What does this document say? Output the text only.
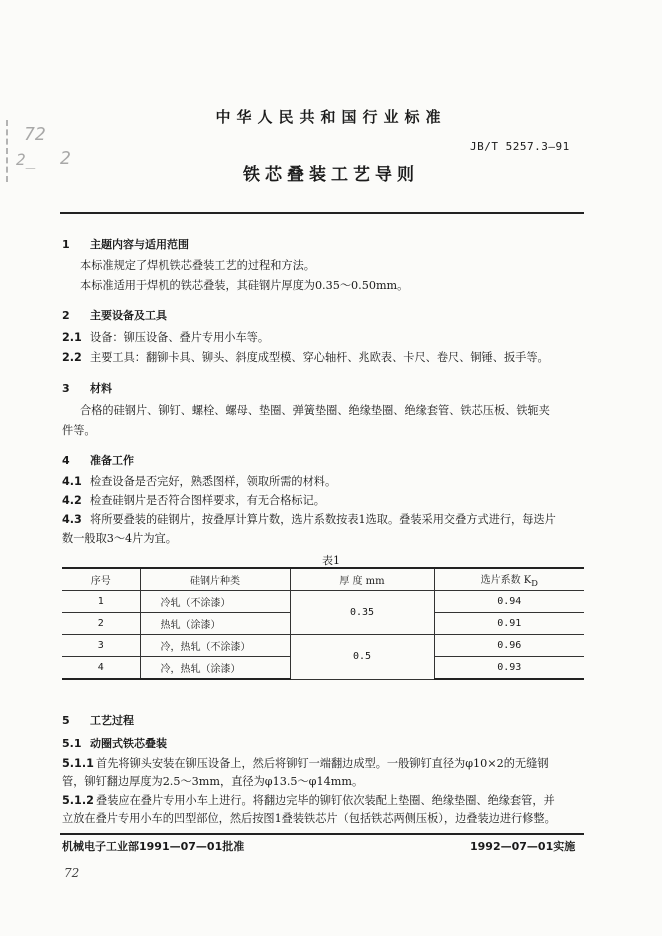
72
2_ 2
中华人民共和国行业标准
JB/T 5257.3—91
铁芯叠装工艺导则
1 主题内容与适用范围
本标准规定了焊机铁芯叠装工艺的过程和方法。
本标准适用于焊机的铁芯叠装，其硅钢片厚度为0.35～0.50mm。
2 主要设备及工具
2.1 设备：铆压设备、叠片专用小车等。
2.2 主要工具：翻铆卡具、铆头、斜度成型模、穿心轴杆、兆欧表、卡尺、卷尺、铜锤、扳手等。
3 材料
合格的硅钢片、铆钉、螺栓、螺母、垫圈、弹簧垫圈、绝缘垫圈、绝缘套管、铁芯压板、铁轭夹
件等。
4 准备工作
4.1 检查设备是否完好，熟悉图样，领取所需的材料。
4.2 检查硅钢片是否符合图样要求，有无合格标记。
4.3 将所要叠装的硅钢片，按叠厚计算片数，选片系数按表1选取。叠装采用交叠方式进行，每迭片
数一般取3～4片为宜。
表1
序号	硅钢片种类	厚 度 mm	选片系数 $K_D$
1	冷轧（不涂漆）	0.35	0.94
2	热轧（涂漆）		0.91
3	冷，热轧（不涂漆）	0.5	0.96
4	冷，热轧（涂漆）		0.93
5 工艺过程
5.1 动圈式铁芯叠装
5.1.1 首先将铆头安装在铆压设备上，然后将铆钉一端翻边成型。一般铆钉直径为φ10×2的无缝钢
管，铆钉翻边厚度为2.5～3mm，直径为φ13.5～φ14mm。
5.1.2 叠装应在叠片专用小车上进行。将翻边完毕的铆钉依次装配上垫圈、绝缘垫圈、绝缘套管，并
立放在叠片专用小车的凹型部位，然后按图1叠装铁芯片（包括铁芯两侧压板），边叠装边进行修整。
机械电子工业部1991—07—01批准	1992—07—01实施
72
